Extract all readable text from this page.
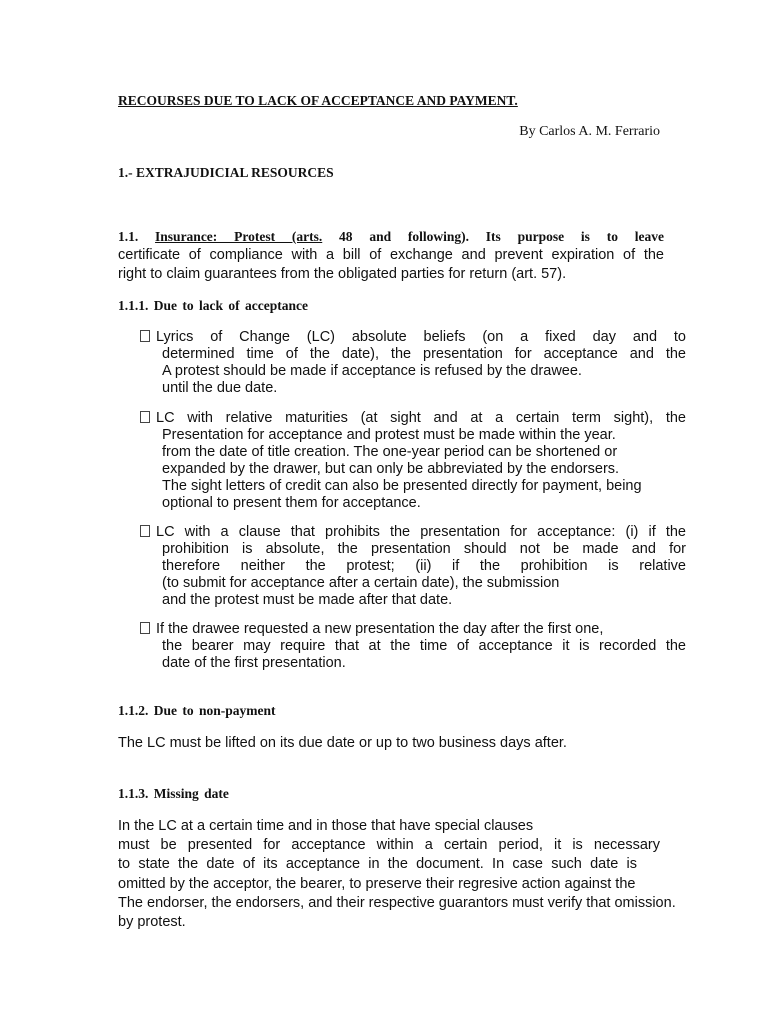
RECOURSES DUE TO LACK OF ACCEPTANCE AND PAYMENT.
By Carlos A. M. Ferrario
1.- EXTRAJUDICIAL RESOURCES
1.1. Insurance: Protest (arts. 48 and following). Its purpose is to leave
certificate of compliance with a bill of exchange and prevent expiration of the
right to claim guarantees from the obligated parties for return (art. 57).
1.1.1. Due to lack of acceptance
Lyrics of Change (LC) absolute beliefs (on a fixed day and to
determined time of the date), the presentation for acceptance and the
A protest should be made if acceptance is refused by the drawee.
until the due date.
LC with relative maturities (at sight and at a certain term sight), the
Presentation for acceptance and protest must be made within the year.
from the date of title creation. The one-year period can be shortened or
expanded by the drawer, but can only be abbreviated by the endorsers.
The sight letters of credit can also be presented directly for payment, being
optional to present them for acceptance.
LC with a clause that prohibits the presentation for acceptance: (i) if the
prohibition is absolute, the presentation should not be made and for
therefore neither the protest; (ii) if the prohibition is relative
(to submit for acceptance after a certain date), the submission
and the protest must be made after that date.
If the drawee requested a new presentation the day after the first one,
the bearer may require that at the time of acceptance it is recorded the
date of the first presentation.
1.1.2. Due to non-payment
The LC must be lifted on its due date or up to two business days after.
1.1.3. Missing date
In the LC at a certain time and in those that have special clauses
must be presented for acceptance within a certain period, it is necessary
to state the date of its acceptance in the document. In case such date is
omitted by the acceptor, the bearer, to preserve their regresive action against the
The endorser, the endorsers, and their respective guarantors must verify that omission.
by protest.
